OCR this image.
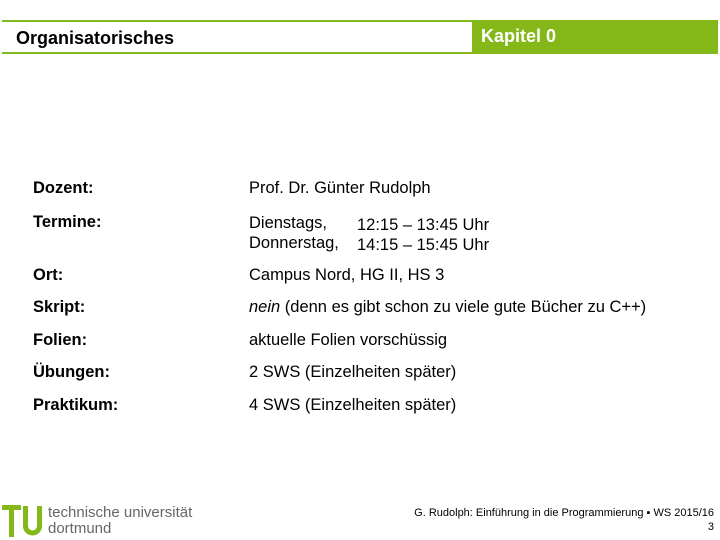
Organisatorisches	Kapitel 0
Dozent:	Prof. Dr. Günter Rudolph
Termine:	Dienstags, 12:15 – 13:45 Uhr
Donnerstag, 14:15 – 15:45 Uhr
Ort:	Campus Nord, HG II, HS 3
Skript:	nein (denn es gibt schon zu viele gute Bücher zu C++)
Folien:	aktuelle Folien vorschüssig
Übungen:	2 SWS (Einzelheiten später)
Praktikum:	4 SWS (Einzelheiten später)
technische universität
dortmund
G. Rudolph: Einführung in die Programmierung ▪ WS 2015/16
3
